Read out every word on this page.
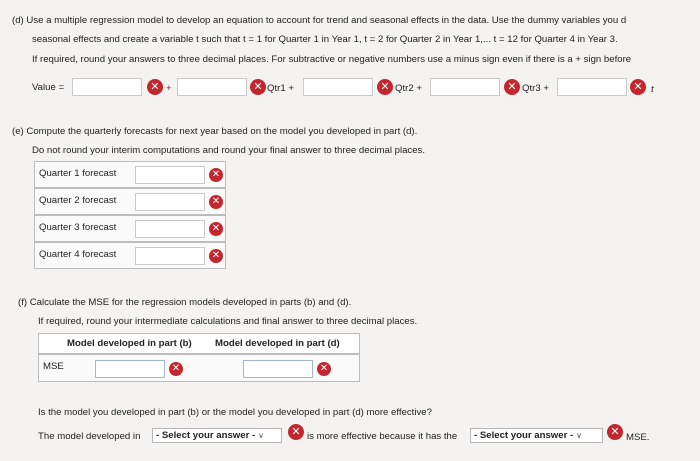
(d) Use a multiple regression model to develop an equation to account for trend and seasonal effects in the data. Use the dummy variables you d
seasonal effects and create a variable t such that t = 1 for Quarter 1 in Year 1, t = 2 for Quarter 2 in Year 1,... t = 12 for Quarter 4 in Year 3.
If required, round your answers to three decimal places. For subtractive or negative numbers use a minus sign even if there is a + sign before
Value =	✕ +	✕ Qtr1 +	✕ Qtr2 +	✕ Qtr3 +	✕ t
(e) Compute the quarterly forecasts for next year based on the model you developed in part (d).
Do not round your interim computations and round your final answer to three decimal places.
Quarter 1 forecast	✕
Quarter 2 forecast	✕
Quarter 3 forecast	✕
Quarter 4 forecast	✕
(f) Calculate the MSE for the regression models developed in parts (b) and (d).
If required, round your intermediate calculations and final answer to three decimal places.
Model developed in part (b) Model developed in part (d)
MSE	✕	✕
Is the model you developed in part (b) or the model you developed in part (d) more effective?
The model developed in	- Select your answer - ∨	✕ is more effective because it has the	- Select your answer - ∨	✕ MSE.
